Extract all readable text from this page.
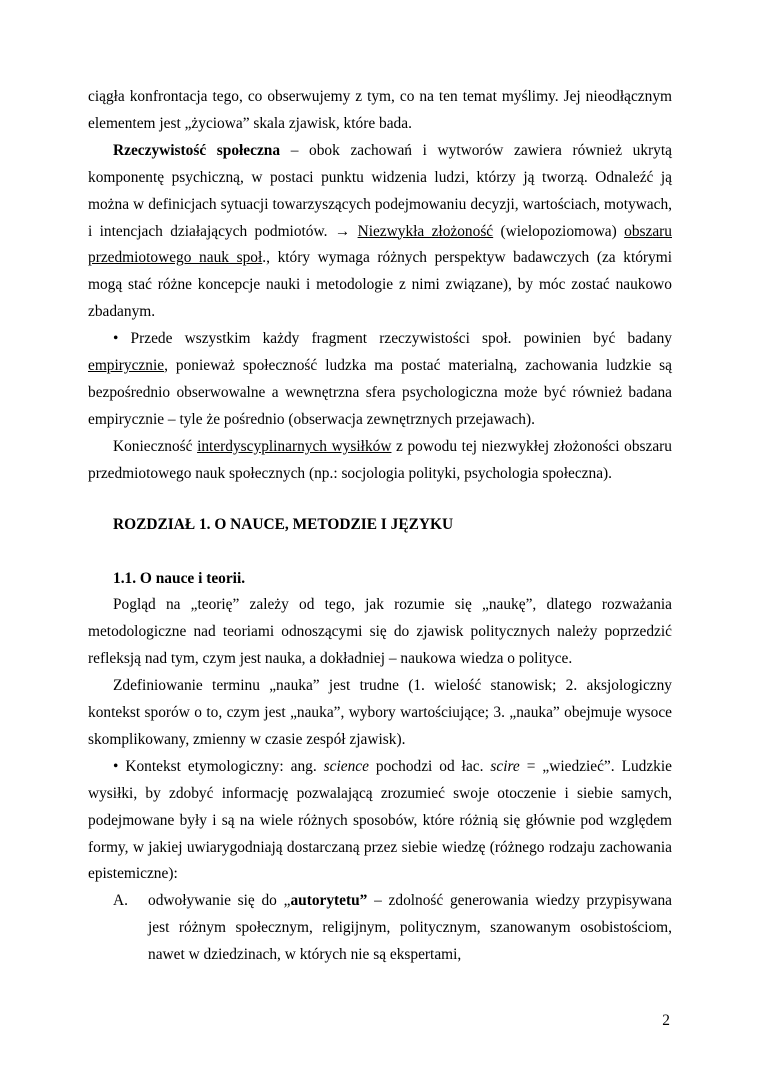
ciągła konfrontacja tego, co obserwujemy z tym, co na ten temat myślimy. Jej nieodłącznym elementem jest „życiowa” skala zjawisk, które bada.

Rzeczywistość społeczna – obok zachowań i wytworów zawiera również ukrytą komponentę psychiczną, w postaci punktu widzenia ludzi, którzy ją tworzą. Odnaleźć ją można w definicjach sytuacji towarzyszących podejmowaniu decyzji, wartościach, motywach, i intencjach działających podmiotów. → Niezwykła złożoność (wielopoziomowa) obszaru przedmiotowego nauk społ., który wymaga różnych perspektyw badawczych (za którymi mogą stać różne koncepcje nauki i metodologie z nimi związane), by móc zostać naukowo zbadanym.

• Przede wszystkim każdy fragment rzeczywistości społ. powinien być badany empirycznie, ponieważ społeczność ludzka ma postać materialną, zachowania ludzkie są bezpośrednio obserwowalne a wewnętrzna sfera psychologiczna może być również badana empirycznie – tyle że pośrednio (obserwacja zewnętrznych przejawach).

Konieczność interdyscyplinarnych wysiłków z powodu tej niezwykłej złożoności obszaru przedmiotowego nauk społecznych (np.: socjologia polityki, psychologia społeczna).

ROZDZIAŁ 1. O NAUCE, METODZIE I JĘZYKU
1.1. O nauce i teorii.

Pogląd na „teorię” zależy od tego, jak rozumie się „naukę”, dlatego rozważania metodologiczne nad teoriami odnoszącymi się do zjawisk politycznych należy poprzedzić refleksją nad tym, czym jest nauka, a dokładniej – naukowa wiedza o polityce.

Zdefiniowanie terminu „nauka” jest trudne (1. wielość stanowisk; 2. aksjologiczny kontekst sporów o to, czym jest „nauka”, wybory wartościujące; 3. „nauka” obejmuje wysoce skomplikowany, zmienny w czasie zespół zjawisk).

• Kontekst etymologiczny: ang. science pochodzi od łac. scire = „wiedzieć”. Ludzkie wysiłki, by zdobyć informację pozwalającą zrozumieć swoje otoczenie i siebie samych, podejmowane były i są na wiele różnych sposobów, które różnią się głównie pod względem formy, w jakiej uwiarygodniają dostarczaną przez siebie wiedzę (różnego rodzaju zachowania epistemiczne):

A.	odwoływanie się do „autorytetu” – zdolność generowania wiedzy przypisywana jest różnym społecznym, religijnym, politycznym, szanowanym osobistościom, nawet w dziedzinach, w których nie są ekspertami,

2
